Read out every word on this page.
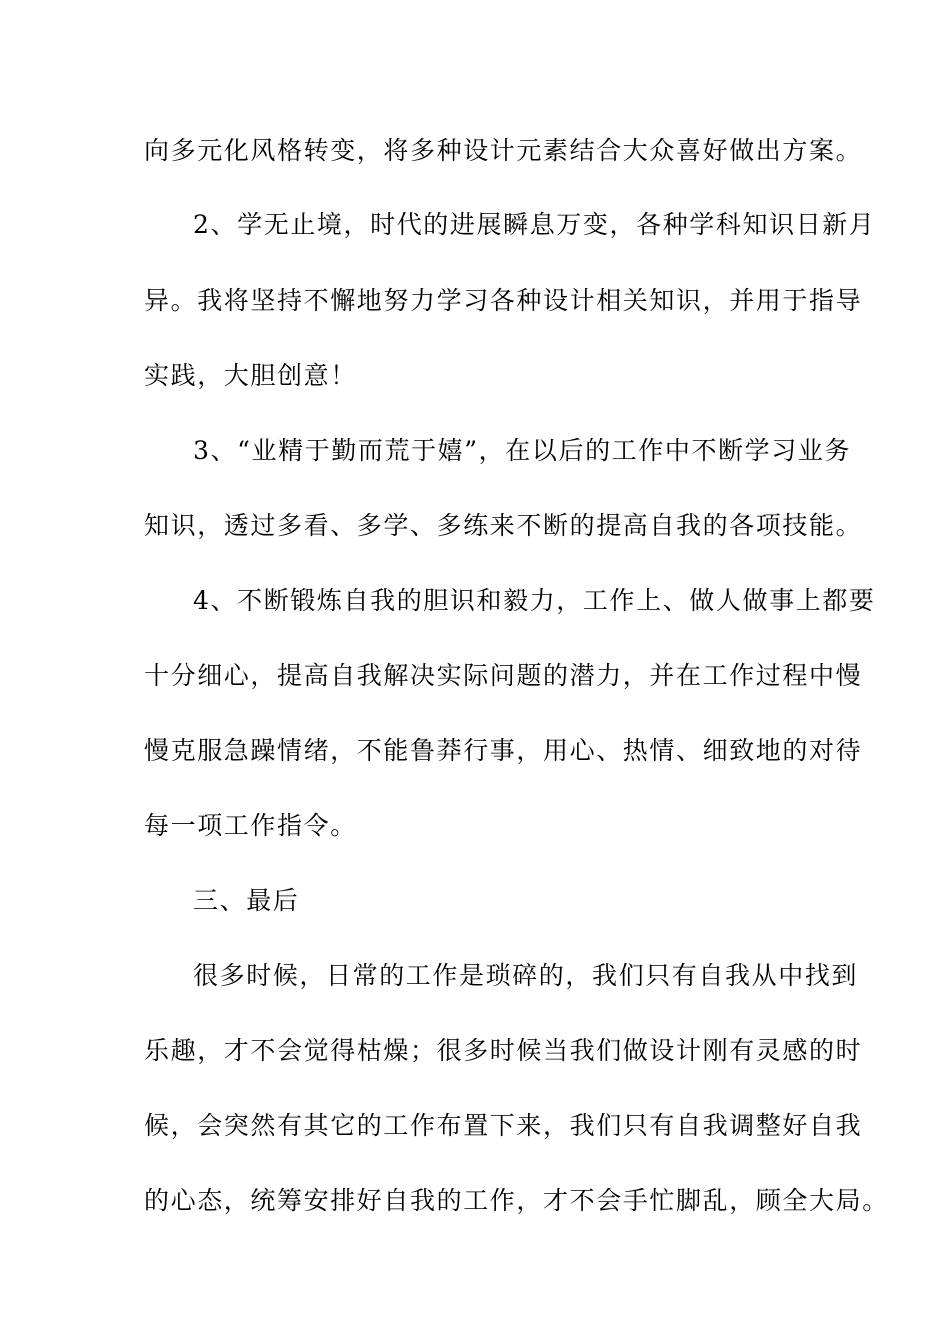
向多元化风格转变，将多种设计元素结合大众喜好做出方案。
2、学无止境，时代的进展瞬息万变，各种学科知识日新月
异。我将坚持不懈地努力学习各种设计相关知识，并用于指导
实践，大胆创意！
3、“业精于勤而荒于嬉”，在以后的工作中不断学习业务
知识，透过多看、多学、多练来不断的提高自我的各项技能。
4、不断锻炼自我的胆识和毅力，工作上、做人做事上都要
十分细心，提高自我解决实际问题的潜力，并在工作过程中慢
慢克服急躁情绪，不能鲁莽行事，用心、热情、细致地的对待
每一项工作指令。
三、最后
很多时候，日常的工作是琐碎的，我们只有自我从中找到
乐趣，才不会觉得枯燥；很多时候当我们做设计刚有灵感的时
候，会突然有其它的工作布置下来，我们只有自我调整好自我
的心态，统筹安排好自我的工作，才不会手忙脚乱，顾全大局。
